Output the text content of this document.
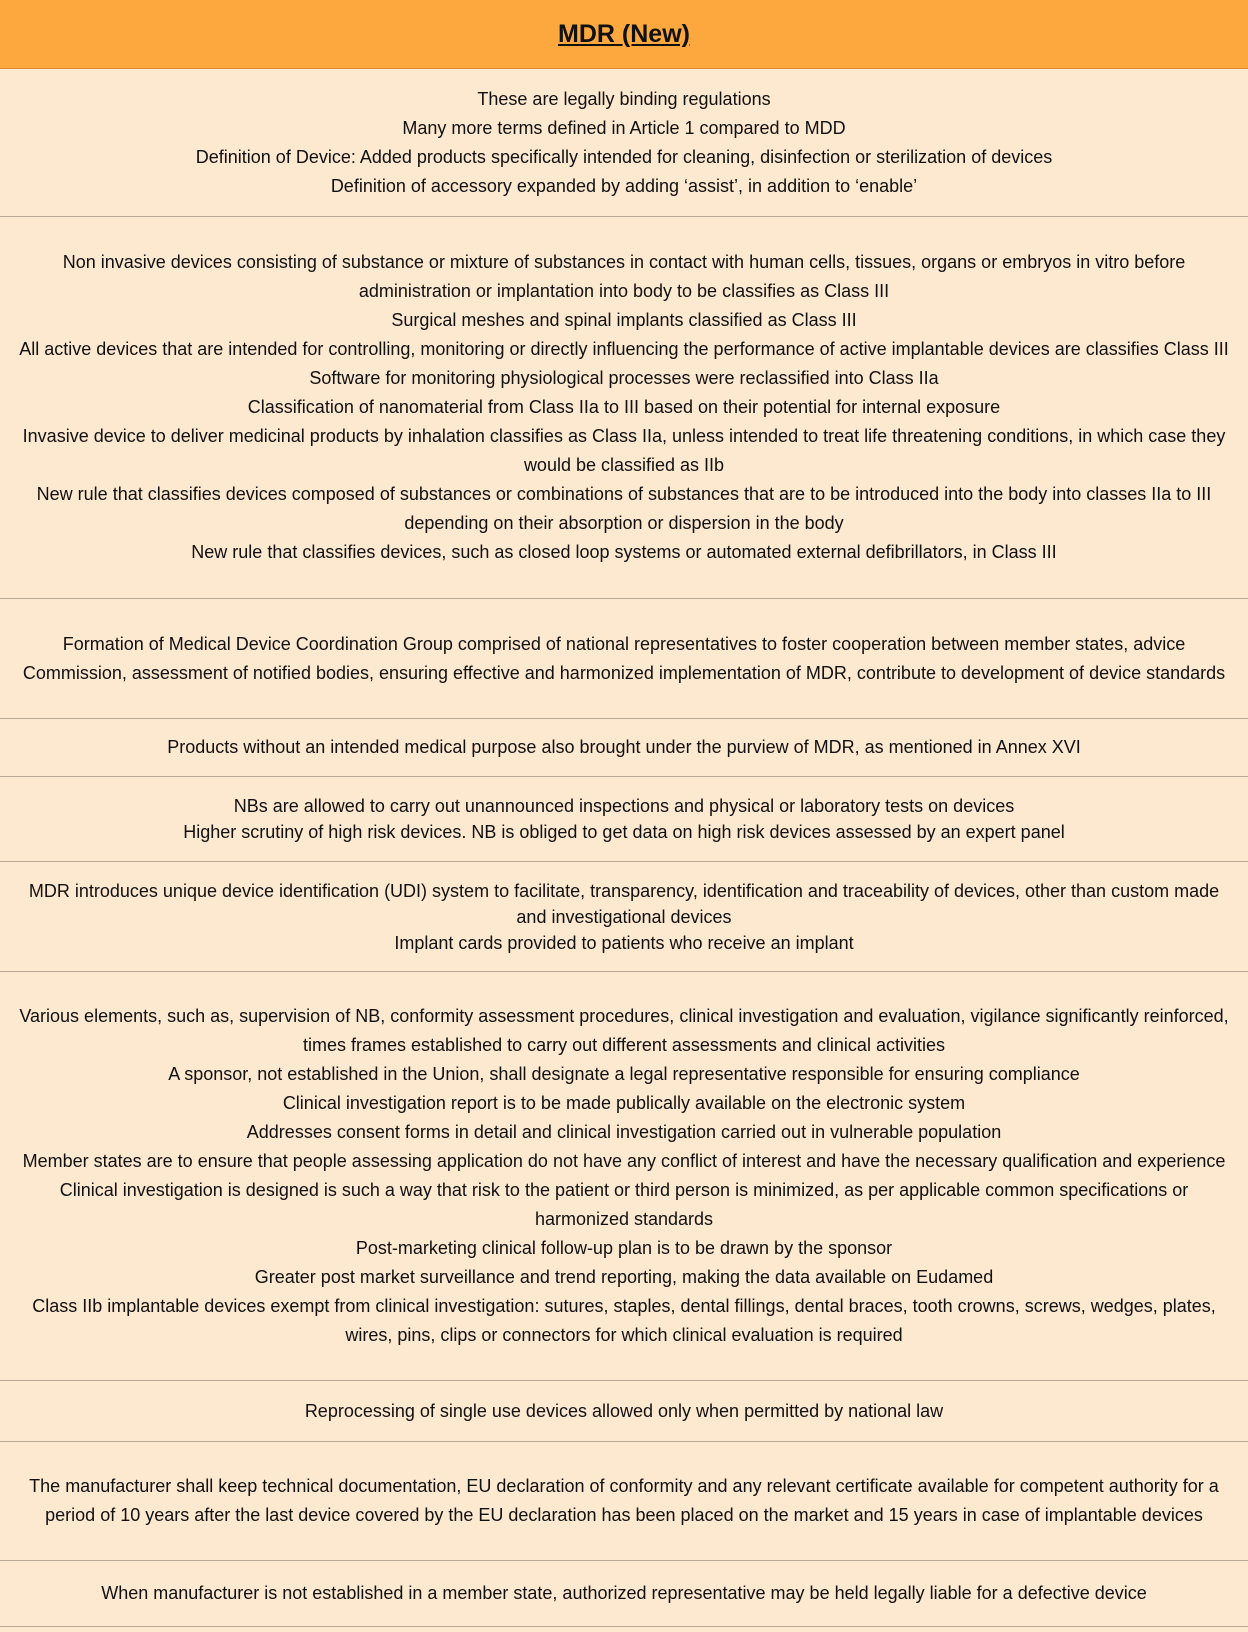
MDR (New)
These are legally binding regulations
Many more terms defined in Article 1 compared to MDD
Definition of Device: Added products specifically intended for cleaning, disinfection or sterilization of devices
Definition of accessory expanded by adding ‘assist’, in addition to ‘enable’
Non invasive devices consisting of substance or mixture of substances in contact with human cells, tissues, organs or embryos in vitro before administration or implantation into body to be classifies as Class III
Surgical meshes and spinal implants classified as Class III
All active devices that are intended for controlling, monitoring or directly influencing the performance of active implantable devices are classifies Class III
Software for monitoring physiological processes were reclassified into Class IIa
Classification of nanomaterial from Class IIa to III based on their potential for internal exposure
Invasive device to deliver medicinal products by inhalation classifies as Class IIa, unless intended to treat life threatening conditions, in which case they would be classified as IIb
New rule that classifies devices composed of substances or combinations of substances that are to be introduced into the body into classes IIa to III depending on their absorption or dispersion in the body
New rule that classifies devices, such as closed loop systems or automated external defibrillators, in Class III
Formation of Medical Device Coordination Group comprised of national representatives to foster cooperation between member states, advice Commission, assessment of notified bodies, ensuring effective and harmonized implementation of MDR, contribute to development of device standards
Products without an intended medical purpose also brought under the purview of MDR, as mentioned in Annex XVI
NBs are allowed to carry out unannounced inspections and physical or laboratory tests on devices
Higher scrutiny of high risk devices. NB is obliged to get data on high risk devices assessed by an expert panel
MDR introduces unique device identification (UDI) system to facilitate, transparency, identification and traceability of devices, other than custom made and investigational devices
Implant cards provided to patients who receive an implant
Various elements, such as, supervision of NB, conformity assessment procedures, clinical investigation and evaluation, vigilance significantly reinforced, times frames established to carry out different assessments and clinical activities
A sponsor, not established in the Union, shall designate a legal representative responsible for ensuring compliance
Clinical investigation report is to be made publically available on the electronic system
Addresses consent forms in detail and clinical investigation carried out in vulnerable population
Member states are to ensure that people assessing application do not have any conflict of interest and have the necessary qualification and experience
Clinical investigation is designed is such a way that risk to the patient or third person is minimized, as per applicable common specifications or harmonized standards
Post-marketing clinical follow-up plan is to be drawn by the sponsor
Greater post market surveillance and trend reporting, making the data available on Eudamed
Class IIb implantable devices exempt from clinical investigation: sutures, staples, dental fillings, dental braces, tooth crowns, screws, wedges, plates, wires, pins, clips or connectors for which clinical evaluation is required
Reprocessing of single use devices allowed only when permitted by national law
The manufacturer shall keep technical documentation, EU declaration of conformity and any relevant certificate available for competent authority for a period of 10 years after the last device covered by the EU declaration has been placed on the market and 15 years in case of implantable devices
When manufacturer is not established in a member state, authorized representative may be held legally liable for a defective device
